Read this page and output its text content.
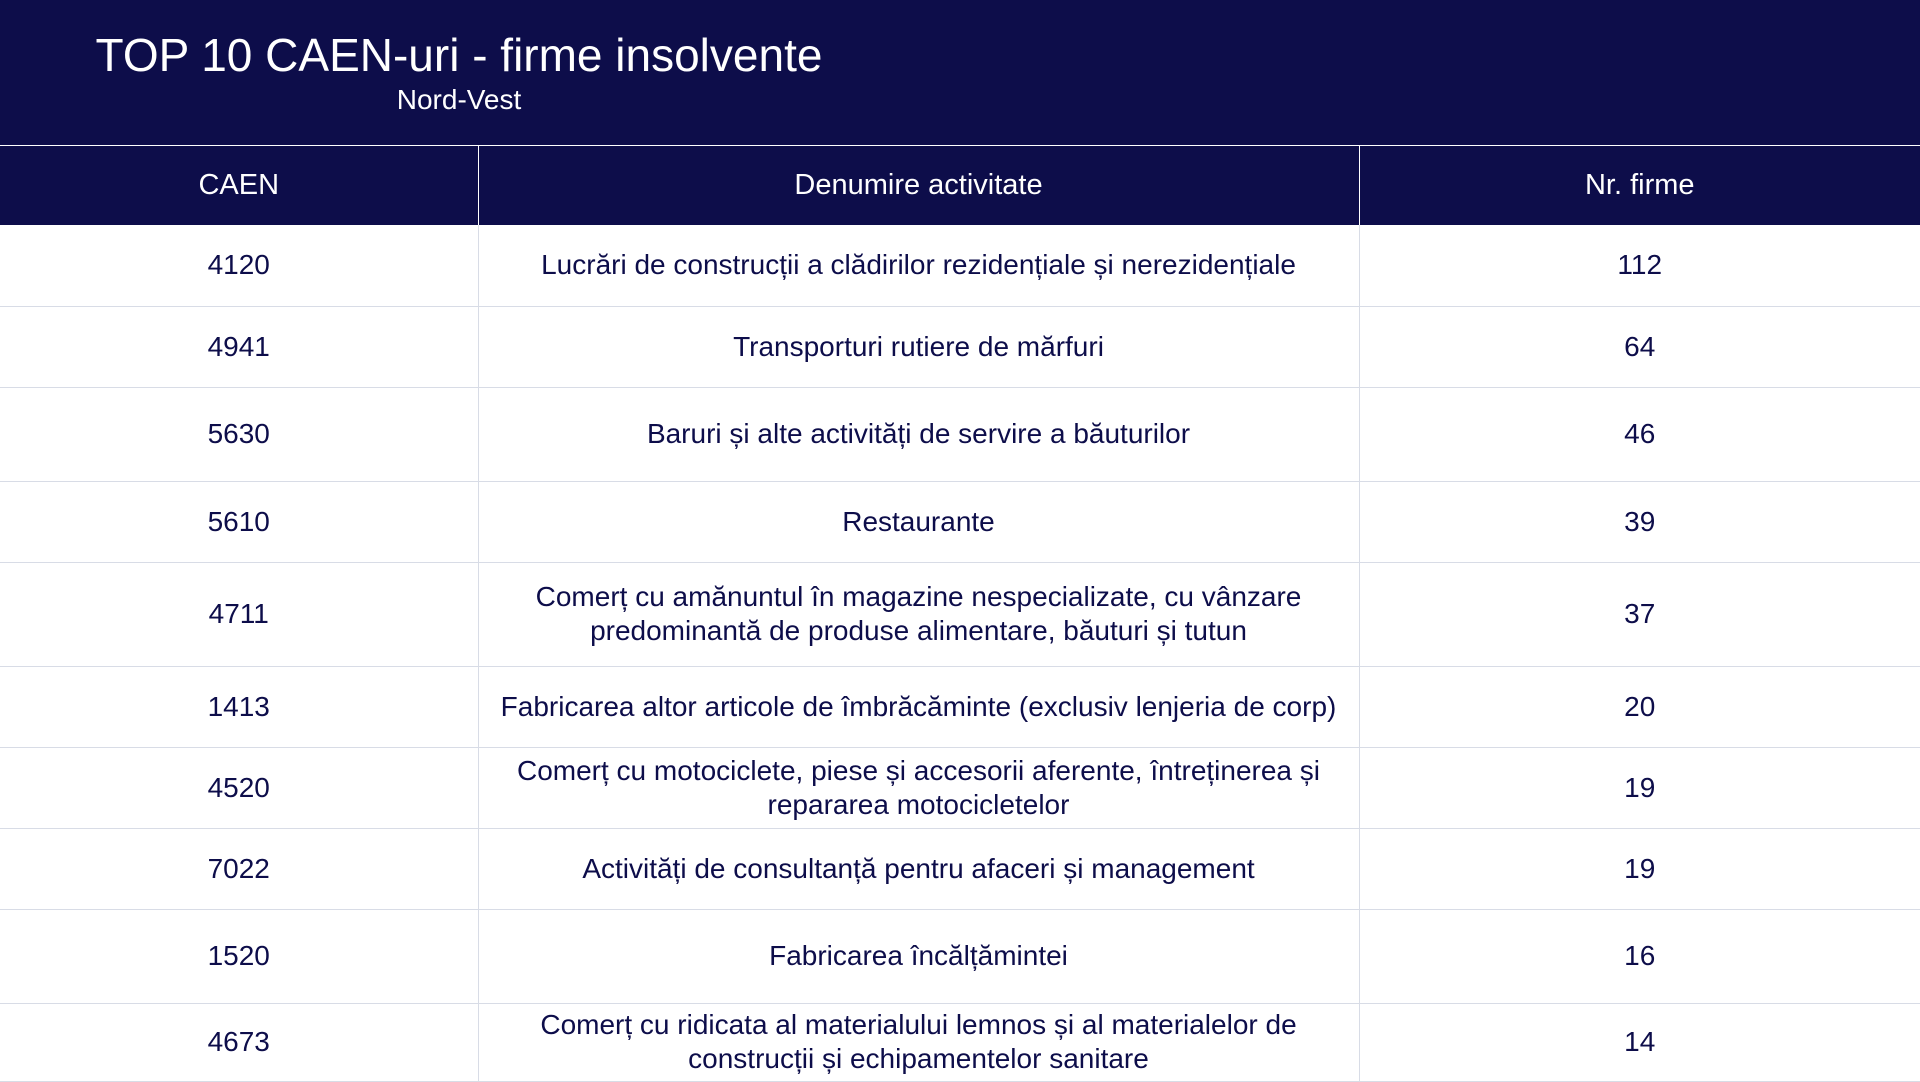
TOP 10 CAEN-uri - firme insolvente
Nord-Vest
CAEN	Denumire activitate	Nr. firme
4120	Lucrări de construcții a clădirilor rezidențiale și nerezidențiale	112
4941	Transporturi rutiere de mărfuri	64
5630	Baruri și alte activități de servire a băuturilor	46
5610	Restaurante	39
4711	Comerț cu amănuntul în magazine nespecializate, cu vânzare predominantă de produse alimentare, băuturi și tutun	37
1413	Fabricarea altor articole de îmbrăcăminte (exclusiv lenjeria de corp)	20
4520	Comerț cu motociclete, piese și accesorii aferente, întreținerea și repararea motocicletelor	19
7022	Activități de consultanță pentru afaceri și management	19
1520	Fabricarea încălțămintei	16
4673	Comerț cu ridicata al materialului lemnos și al materialelor de construcții și echipamentelor sanitare	14
